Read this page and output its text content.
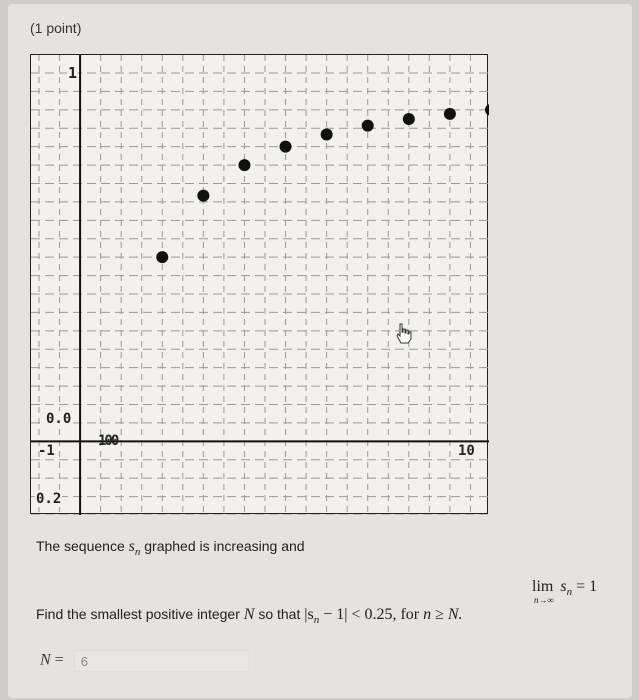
(1 point)
1
0.0
-1
100
10
0.2
The sequence $s_n$ graphed is increasing and
$\lim s_n = 1$
n→∞
Find the smallest positive integer N so that $|s_n - 1| < 0.25$, for n ≥ N.
N = 6
